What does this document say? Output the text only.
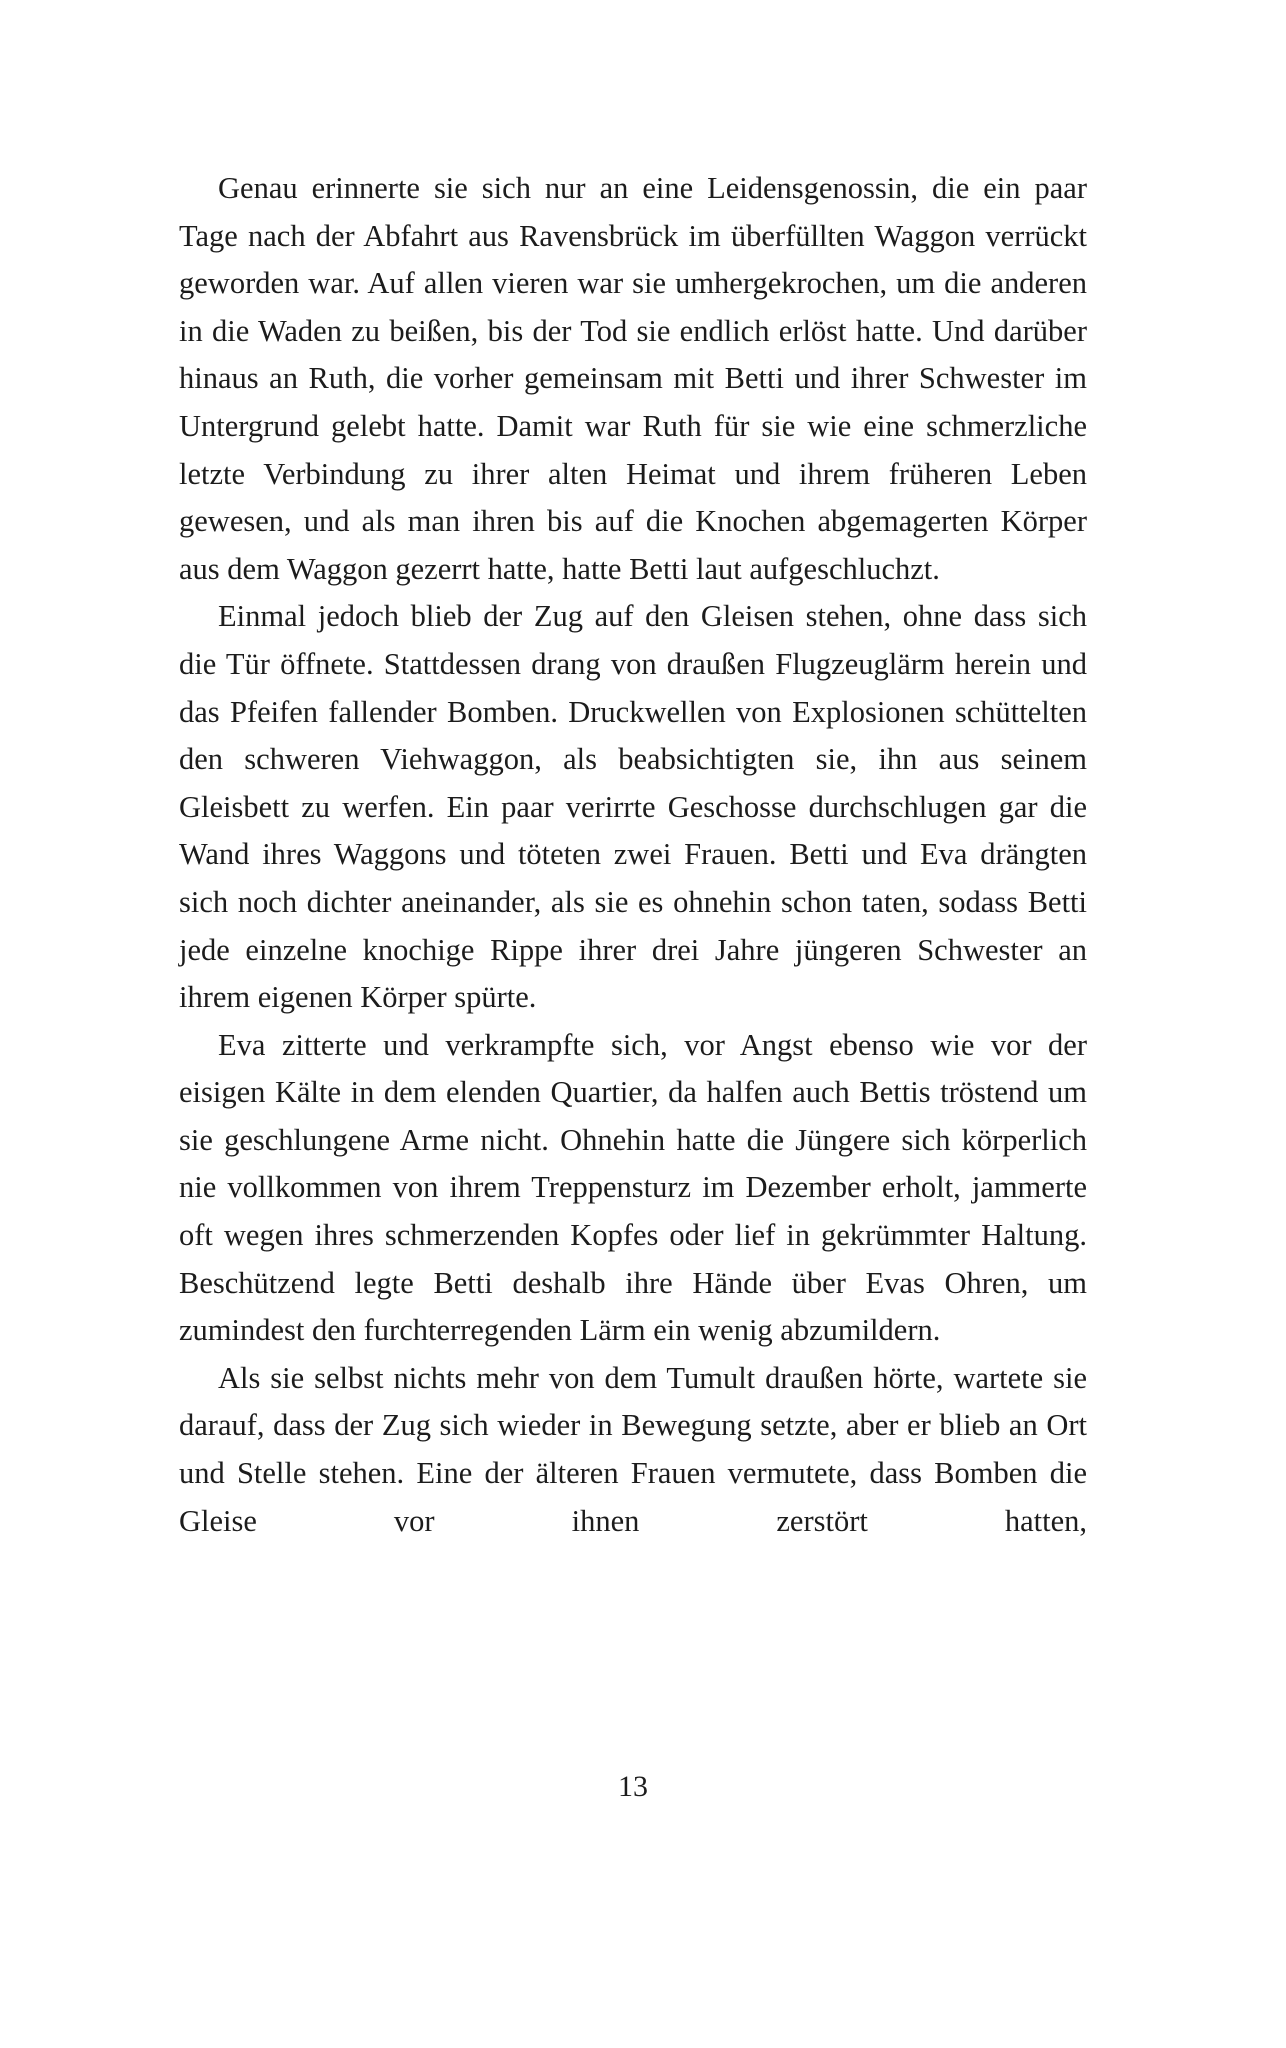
Genau erinnerte sie sich nur an eine Leidensgenossin, die ein paar Tage nach der Abfahrt aus Ravensbrück im überfüllten Waggon verrückt geworden war. Auf allen vieren war sie umhergekrochen, um die anderen in die Waden zu beißen, bis der Tod sie endlich erlöst hatte. Und darüber hinaus an Ruth, die vorher gemeinsam mit Betti und ihrer Schwester im Untergrund gelebt hatte. Damit war Ruth für sie wie eine schmerzliche letzte Verbindung zu ihrer alten Heimat und ihrem früheren Leben gewesen, und als man ihren bis auf die Knochen abgemagerten Körper aus dem Waggon gezerrt hatte, hatte Betti laut aufgeschluchzt.

Einmal jedoch blieb der Zug auf den Gleisen stehen, ohne dass sich die Tür öffnete. Stattdessen drang von draußen Flugzeuglärm herein und das Pfeifen fallender Bomben. Druckwellen von Explosionen schüttelten den schweren Viehwaggon, als beabsichtigten sie, ihn aus seinem Gleisbett zu werfen. Ein paar verirrte Geschosse durchschlugen gar die Wand ihres Waggons und töteten zwei Frauen. Betti und Eva drängten sich noch dichter aneinander, als sie es ohnehin schon taten, sodass Betti jede einzelne knochige Rippe ihrer drei Jahre jüngeren Schwester an ihrem eigenen Körper spürte.

Eva zitterte und verkrampfte sich, vor Angst ebenso wie vor der eisigen Kälte in dem elenden Quartier, da halfen auch Bettis tröstend um sie geschlungene Arme nicht. Ohnehin hatte die Jüngere sich körperlich nie vollkommen von ihrem Treppensturz im Dezember erholt, jammerte oft wegen ihres schmerzenden Kopfes oder lief in gekrümmter Haltung. Beschützend legte Betti deshalb ihre Hände über Evas Ohren, um zumindest den furchterregenden Lärm ein wenig abzumildern.

Als sie selbst nichts mehr von dem Tumult draußen hörte, wartete sie darauf, dass der Zug sich wieder in Bewegung setzte, aber er blieb an Ort und Stelle stehen. Eine der älteren Frauen vermutete, dass Bomben die Gleise vor ihnen zerstört hatten,

13
